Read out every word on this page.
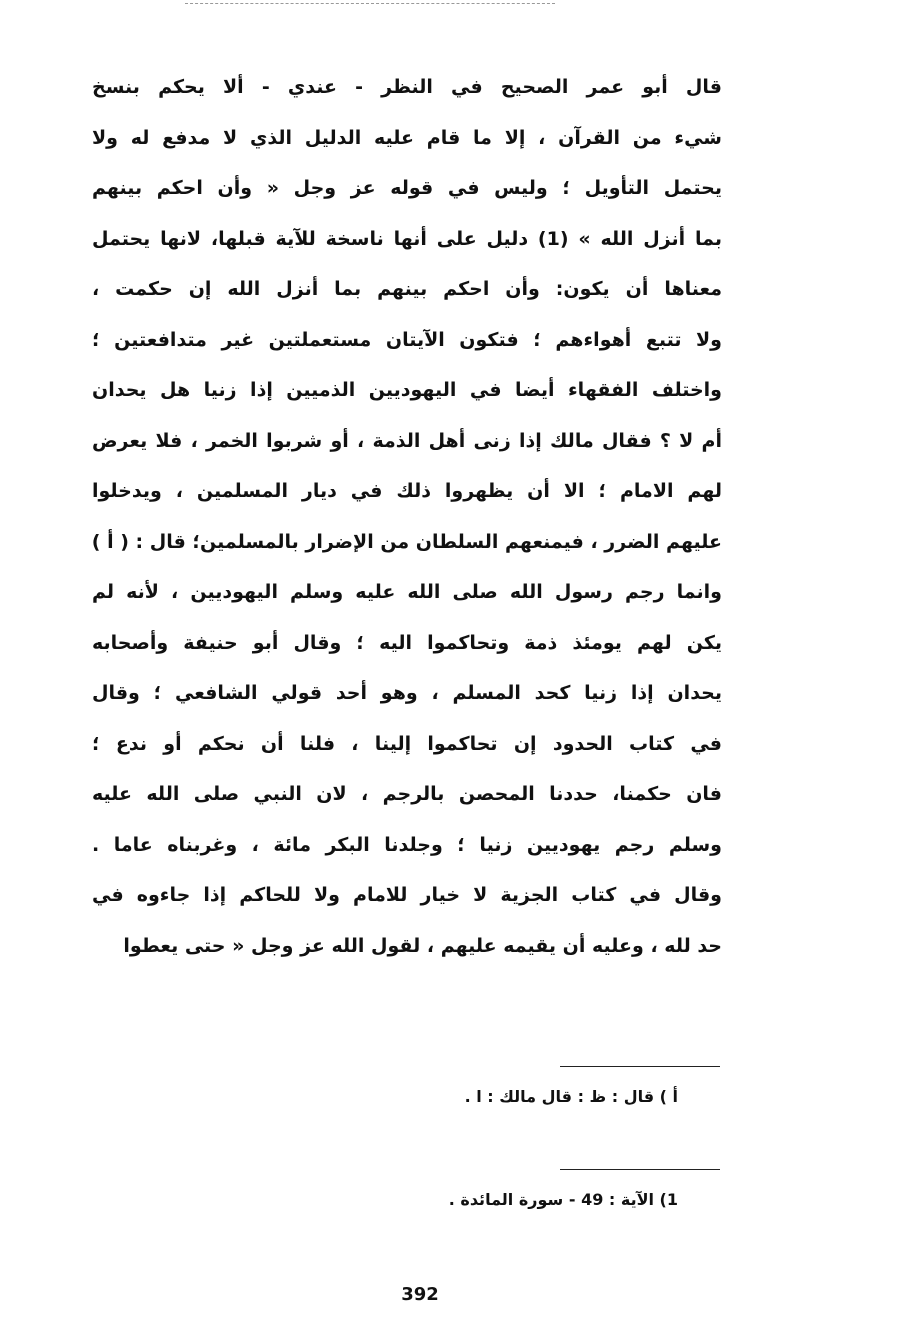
قال أبو عمر الصحيح في النظر - عندي - ألا يحكم بنسخ
شيء من القرآن ، إلا ما قام عليه الدليل الذي لا مدفع له ولا
يحتمل التأويل ؛ وليس في قوله عز وجل « وأن احكم بينهم
بما أنزل الله » (1) دليل على أنها ناسخة للآية قبلها، لانها يحتمل
معناها أن يكون: وأن احكم بينهم بما أنزل الله إن حكمت ،
ولا تتبع أهواءهم ؛ فتكون الآيتان مستعملتين غير متدافعتين ؛
واختلف الفقهاء أيضا في اليهوديين الذميين إذا زنيا هل يحدان
أم لا ؟ فقال مالك إذا زنى أهل الذمة ، أو شربوا الخمر ، فلا يعرض
لهم الامام ؛ الا أن يظهروا ذلك في ديار المسلمين ، ويدخلوا
عليهم الضرر ، فيمنعهم السلطان من الإضرار بالمسلمين؛ قال : ( أ )
وانما رجم رسول الله صلى الله عليه وسلم اليهوديين ، لأنه لم
يكن لهم يومئذ ذمة وتحاكموا اليه ؛ وقال أبو حنيفة وأصحابه
يحدان إذا زنيا كحد المسلم ، وهو أحد قولي الشافعي ؛ وقال
في كتاب الحدود إن تحاكموا إلينا ، فلنا أن نحكم أو ندع ؛
فان حكمنا، حددنا المحصن بالرجم ، لان النبي صلى الله عليه
وسلم رجم يهوديين زنيا ؛ وجلدنا البكر مائة ، وغربناه عاما .
وقال في كتاب الجزية لا خيار للامام ولا للحاكم إذا جاءوه في
حد لله ، وعليه أن يقيمه عليهم ، لقول الله عز وجل « حتى يعطوا
أ ) قال : ظ : قال مالك : ا .
1) الآية : 49 - سورة المائدة .
392
